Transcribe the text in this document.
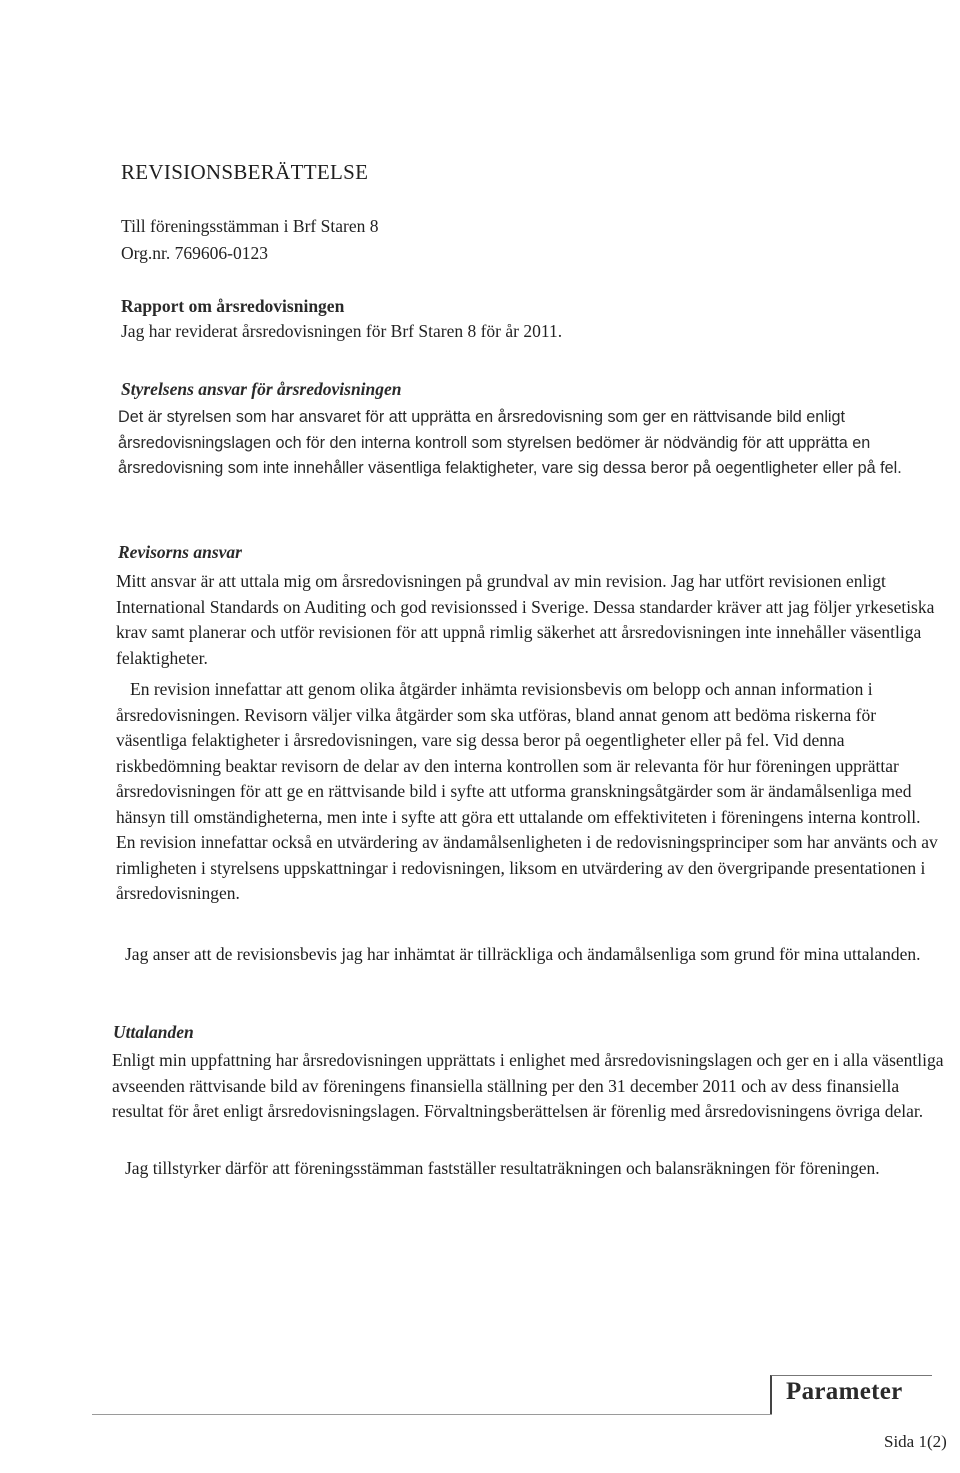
REVISIONSBERÄTTELSE
Till föreningsstämman i Brf Staren 8
Org.nr. 769606-0123
Rapport om årsredovisningen
Jag har reviderat årsredovisningen för Brf Staren 8 för år 2011.
Styrelsens ansvar för årsredovisningen

Det är styrelsen som har ansvaret för att upprätta en årsredovisning som ger en rättvisande bild enligt årsredovisningslagen och för den interna kontroll som styrelsen bedömer är nödvändig för att upprätta en årsredovisning som inte innehåller väsentliga felaktigheter, vare sig dessa beror på oegentligheter eller på fel.

Revisorns ansvar

Mitt ansvar är att uttala mig om årsredovisningen på grundval av min revision. Jag har utfört revisionen enligt International Standards on Auditing och god revisionssed i Sverige. Dessa standarder kräver att jag följer yrkesetiska krav samt planerar och utför revisionen för att uppnå rimlig säkerhet att årsredovisningen inte innehåller väsentliga felaktigheter.

En revision innefattar att genom olika åtgärder inhämta revisionsbevis om belopp och annan information i årsredovisningen. Revisorn väljer vilka åtgärder som ska utföras, bland annat genom att bedöma riskerna för väsentliga felaktigheter i årsredovisningen, vare sig dessa beror på oegentligheter eller på fel. Vid denna riskbedömning beaktar revisorn de delar av den interna kontrollen som är relevanta för hur föreningen upprättar årsredovisningen för att ge en rättvisande bild i syfte att utforma granskningsåtgärder som är ändamålsenliga med hänsyn till omständigheterna, men inte i syfte att göra ett uttalande om effektiviteten i föreningens interna kontroll. En revision innefattar också en utvärdering av ändamålsenligheten i de redovisningsprinciper som har använts och av rimligheten i styrelsens uppskattningar i redovisningen, liksom en utvärdering av den övergripande presentationen i årsredovisningen.

Jag anser att de revisionsbevis jag har inhämtat är tillräckliga och ändamålsenliga som grund för mina uttalanden.

Uttalanden

Enligt min uppfattning har årsredovisningen upprättats i enlighet med årsredovisningslagen och ger en i alla väsentliga avseenden rättvisande bild av föreningens finansiella ställning per den 31 december 2011 och av dess finansiella resultat för året enligt årsredovisningslagen. Förvaltningsberättelsen är förenlig med årsredovisningens övriga delar.

Jag tillstyrker därför att föreningsstämman fastställer resultaträkningen och balansräkningen för föreningen.

Parameter
Sida 1(2)
